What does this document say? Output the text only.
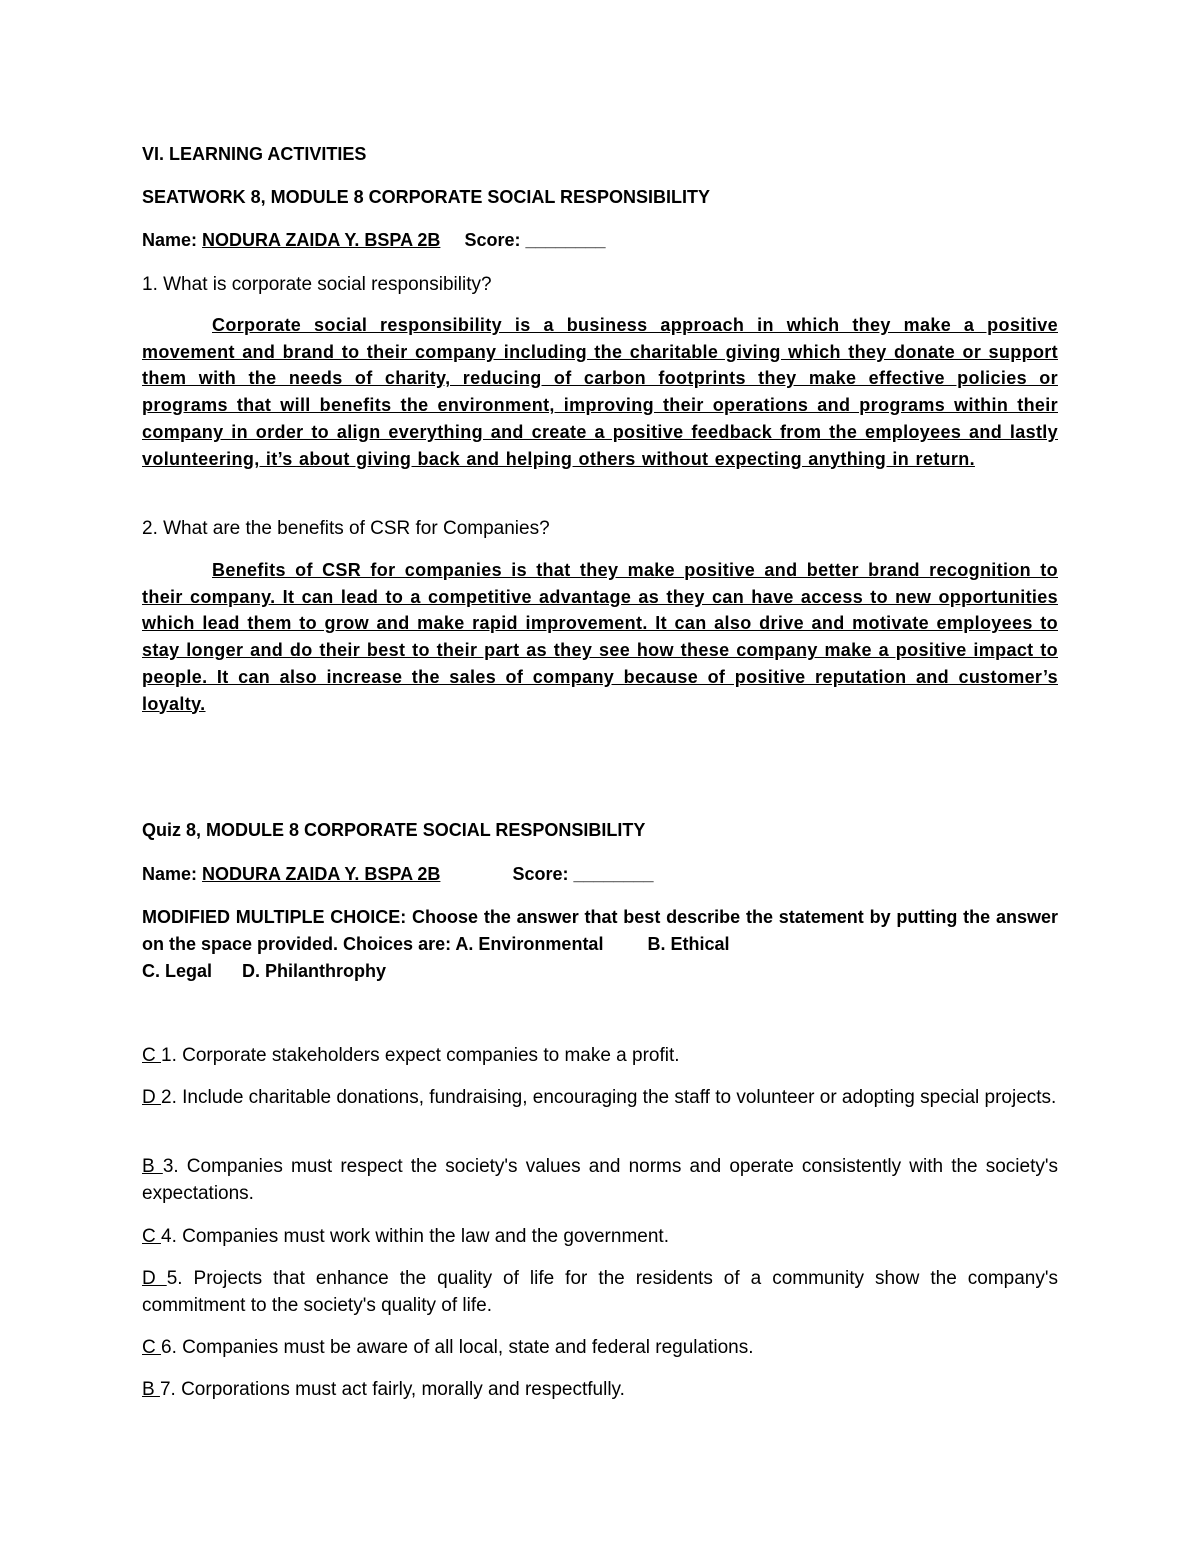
VI. LEARNING ACTIVITIES
SEATWORK 8, MODULE 8 CORPORATE SOCIAL RESPONSIBILITY
Name: NODURA ZAIDA Y. BSPA 2B Score: ________
1. What is corporate social responsibility?
Corporate social responsibility is a business approach in which they make a positive movement and brand to their company including the charitable giving which they donate or support them with the needs of charity, reducing of carbon footprints they make effective policies or programs that will benefits the environment, improving their operations and programs within their company in order to align everything and create a positive feedback from the employees and lastly volunteering, it’s about giving back and helping others without expecting anything in return.
2. What are the benefits of CSR for Companies?
Benefits of CSR for companies is that they make positive and better brand recognition to their company. It can lead to a competitive advantage as they can have access to new opportunities which lead them to grow and make rapid improvement. It can also drive and motivate employees to stay longer and do their best to their part as they see how these company make a positive impact to people. It can also increase the sales of company because of positive reputation and customer’s loyalty.
Quiz 8, MODULE 8 CORPORATE SOCIAL RESPONSIBILITY
Name: NODURA ZAIDA Y. BSPA 2B	Score: ________
MODIFIED MULTIPLE CHOICE: Choose the answer that best describe the statement by putting the answer on the space provided. Choices are: A. Environmental B. Ethical
C. Legal D. Philanthrophy
C 1. Corporate stakeholders expect companies to make a profit.
D 2. Include charitable donations, fundraising, encouraging the staff to volunteer or adopting special projects.
B 3. Companies must respect the society's values and norms and operate consistently with the society's expectations.
C 4. Companies must work within the law and the government.
D 5. Projects that enhance the quality of life for the residents of a community show the company's commitment to the society's quality of life.
C 6. Companies must be aware of all local, state and federal regulations.
B 7. Corporations must act fairly, morally and respectfully.
